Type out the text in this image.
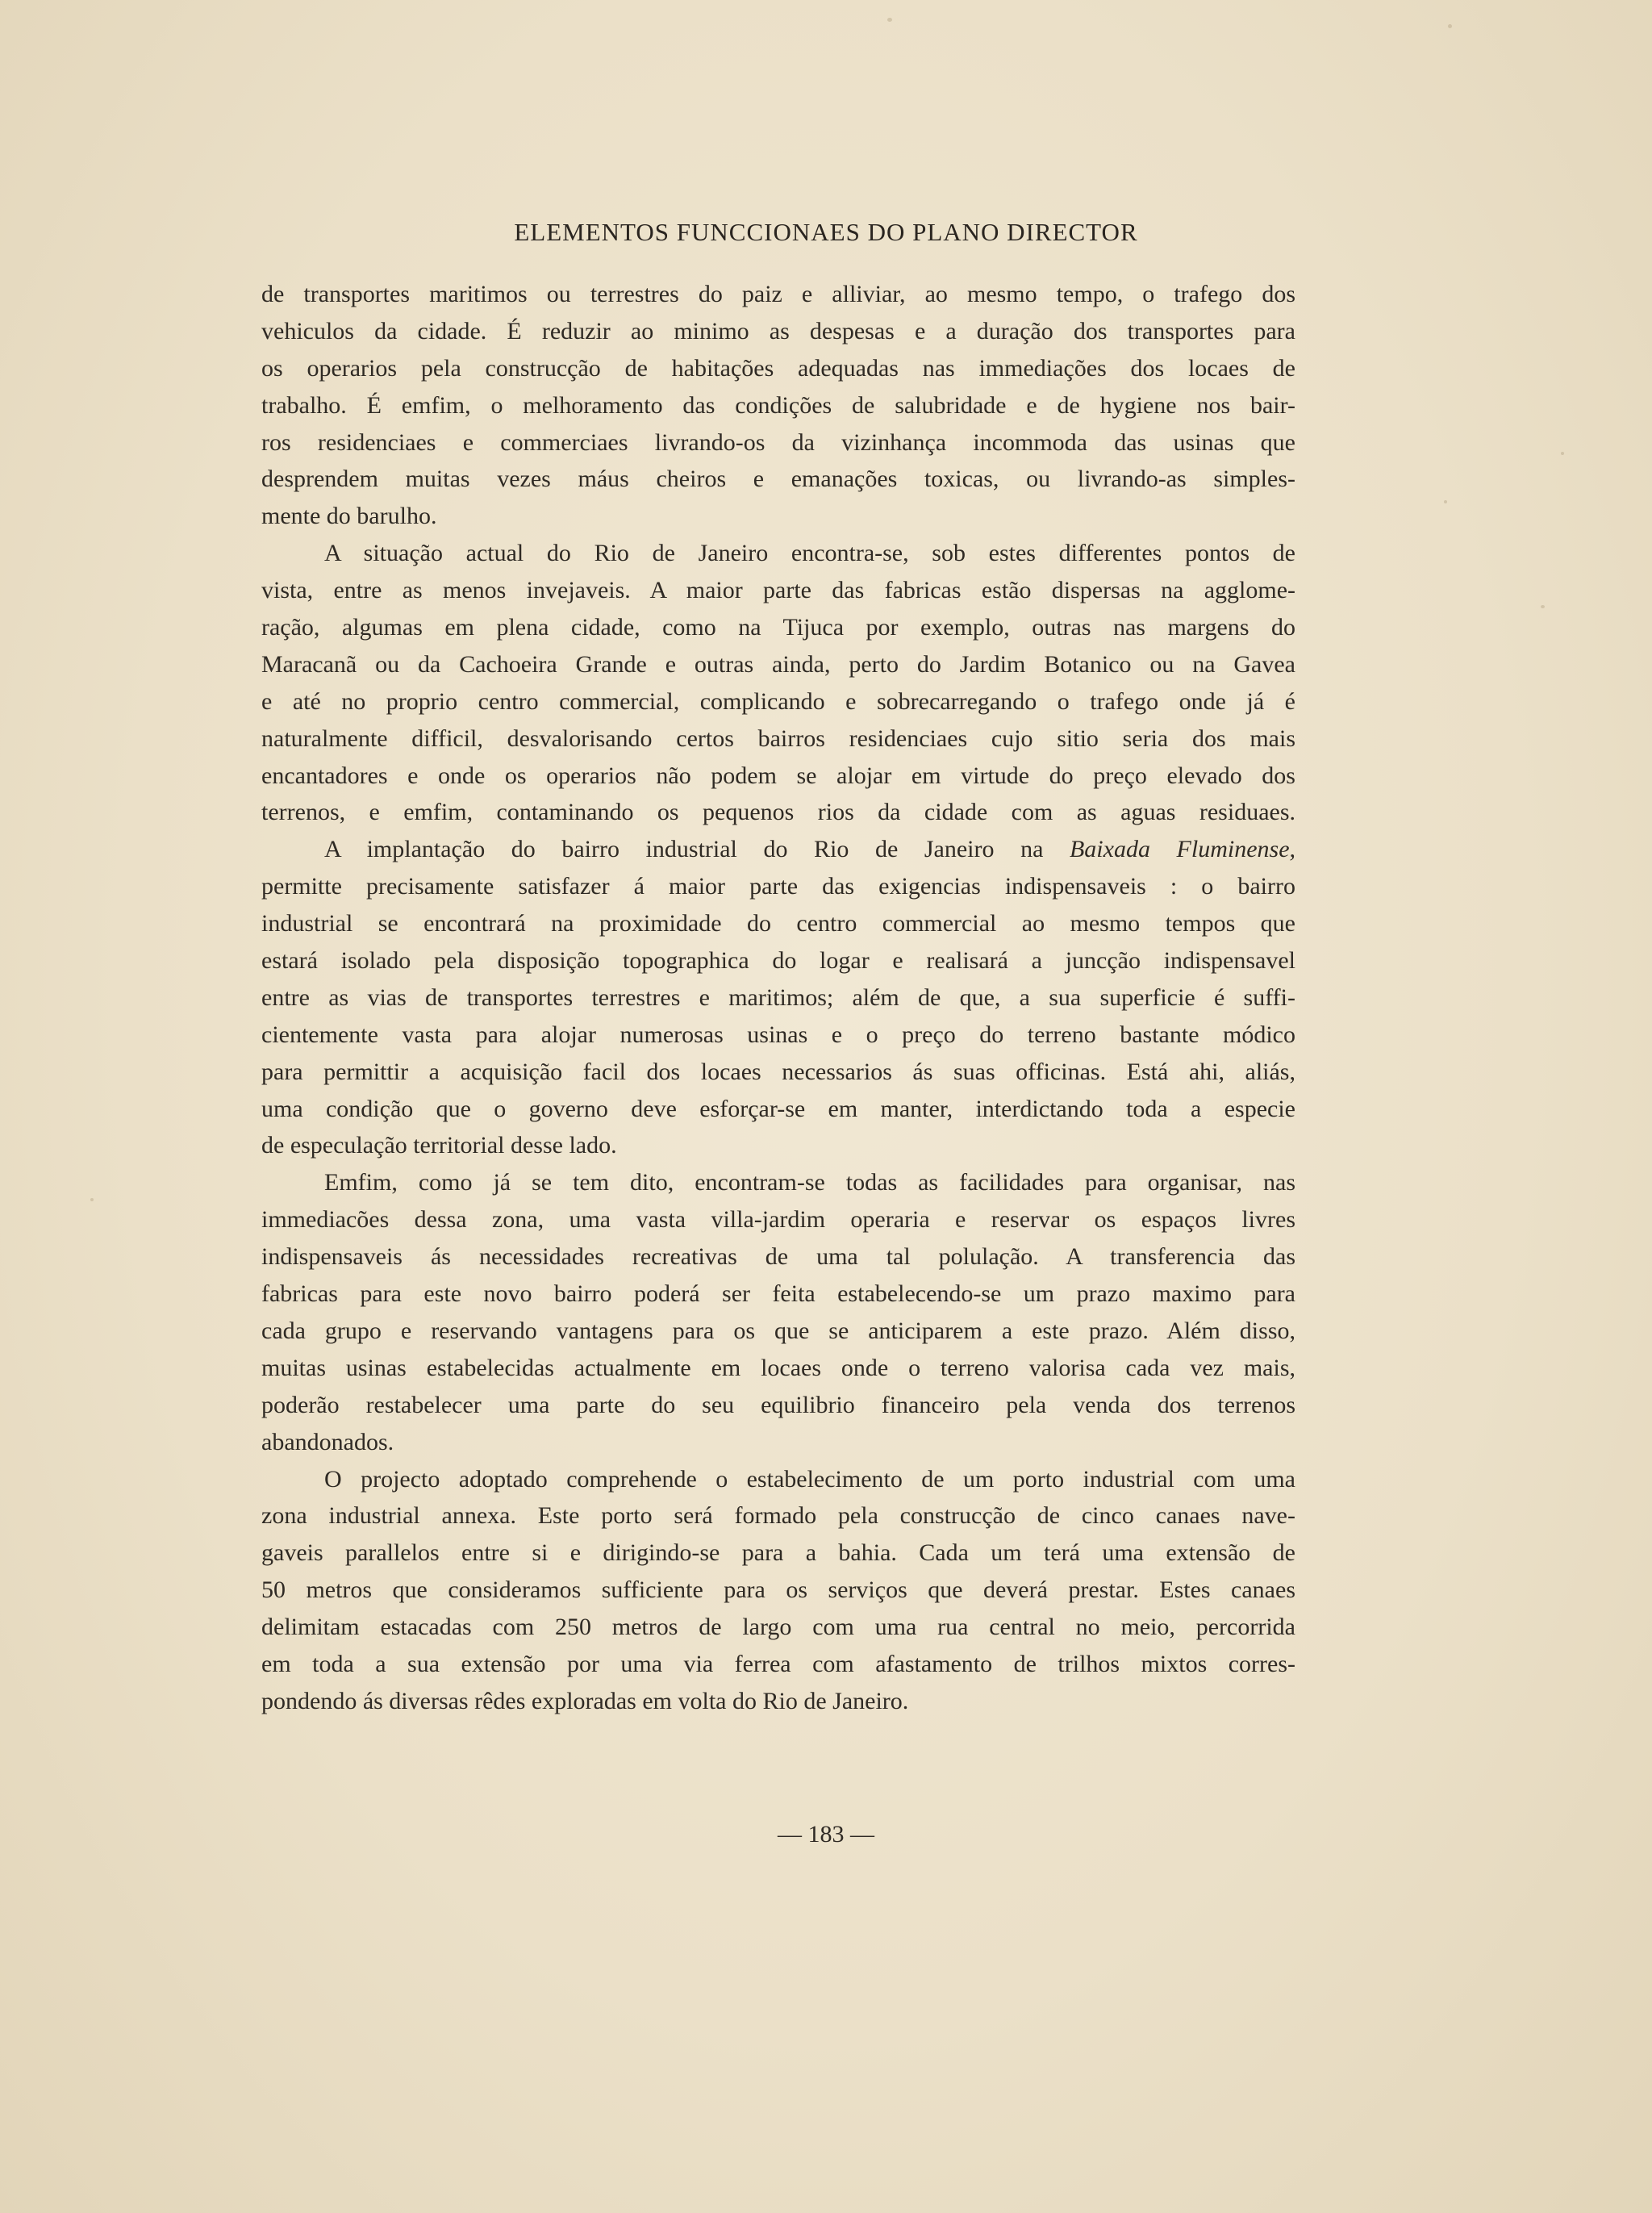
ELEMENTOS FUNCCIONAES DO PLANO DIRECTOR
de transportes maritimos ou terrestres do paiz e alliviar, ao mesmo tempo, o trafego dos
vehiculos da cidade. É reduzir ao minimo as despesas e a duração dos transportes para
os operarios pela construcção de habitações adequadas nas immediações dos locaes de
trabalho. É emfim, o melhoramento das condições de salubridade e de hygiene nos bair-
ros residenciaes e commerciaes livrando-os da vizinhança incommoda das usinas que
desprendem muitas vezes máus cheiros e emanações toxicas, ou livrando-as simples-
mente do barulho.
A situação actual do Rio de Janeiro encontra-se, sob estes differentes pontos de
vista, entre as menos invejaveis. A maior parte das fabricas estão dispersas na agglome-
ração, algumas em plena cidade, como na Tijuca por exemplo, outras nas margens do
Maracanã ou da Cachoeira Grande e outras ainda, perto do Jardim Botanico ou na Gavea
e até no proprio centro commercial, complicando e sobrecarregando o trafego onde já é
naturalmente difficil, desvalorisando certos bairros residenciaes cujo sitio seria dos mais
encantadores e onde os operarios não podem se alojar em virtude do preço elevado dos
terrenos, e emfim, contaminando os pequenos rios da cidade com as aguas residuaes.
A implantação do bairro industrial do Rio de Janeiro na Baixada Fluminense,
permitte precisamente satisfazer á maior parte das exigencias indispensaveis : o bairro
industrial se encontrará na proximidade do centro commercial ao mesmo tempos que
estará isolado pela disposição topographica do logar e realisará a juncção indispensavel
entre as vias de transportes terrestres e maritimos; além de que, a sua superficie é suffi-
cientemente vasta para alojar numerosas usinas e o preço do terreno bastante módico
para permittir a acquisição facil dos locaes necessarios ás suas officinas. Está ahi, aliás,
uma condição que o governo deve esforçar-se em manter, interdictando toda a especie
de especulação territorial desse lado.
Emfim, como já se tem dito, encontram-se todas as facilidades para organisar, nas
immediacões dessa zona, uma vasta villa-jardim operaria e reservar os espaços livres
indispensaveis ás necessidades recreativas de uma tal polulação. A transferencia das
fabricas para este novo bairro poderá ser feita estabelecendo-se um prazo maximo para
cada grupo e reservando vantagens para os que se anticiparem a este prazo. Além disso,
muitas usinas estabelecidas actualmente em locaes onde o terreno valorisa cada vez mais,
poderão restabelecer uma parte do seu equilibrio financeiro pela venda dos terrenos
abandonados.
O projecto adoptado comprehende o estabelecimento de um porto industrial com uma
zona industrial annexa. Este porto será formado pela construcção de cinco canaes nave-
gaveis parallelos entre si e dirigindo-se para a bahia. Cada um terá uma extensão de
50 metros que consideramos sufficiente para os serviços que deverá prestar. Estes canaes
delimitam estacadas com 250 metros de largo com uma rua central no meio, percorrida
em toda a sua extensão por uma via ferrea com afastamento de trilhos mixtos corres-
pondendo ás diversas rêdes exploradas em volta do Rio de Janeiro.
— 183 —
